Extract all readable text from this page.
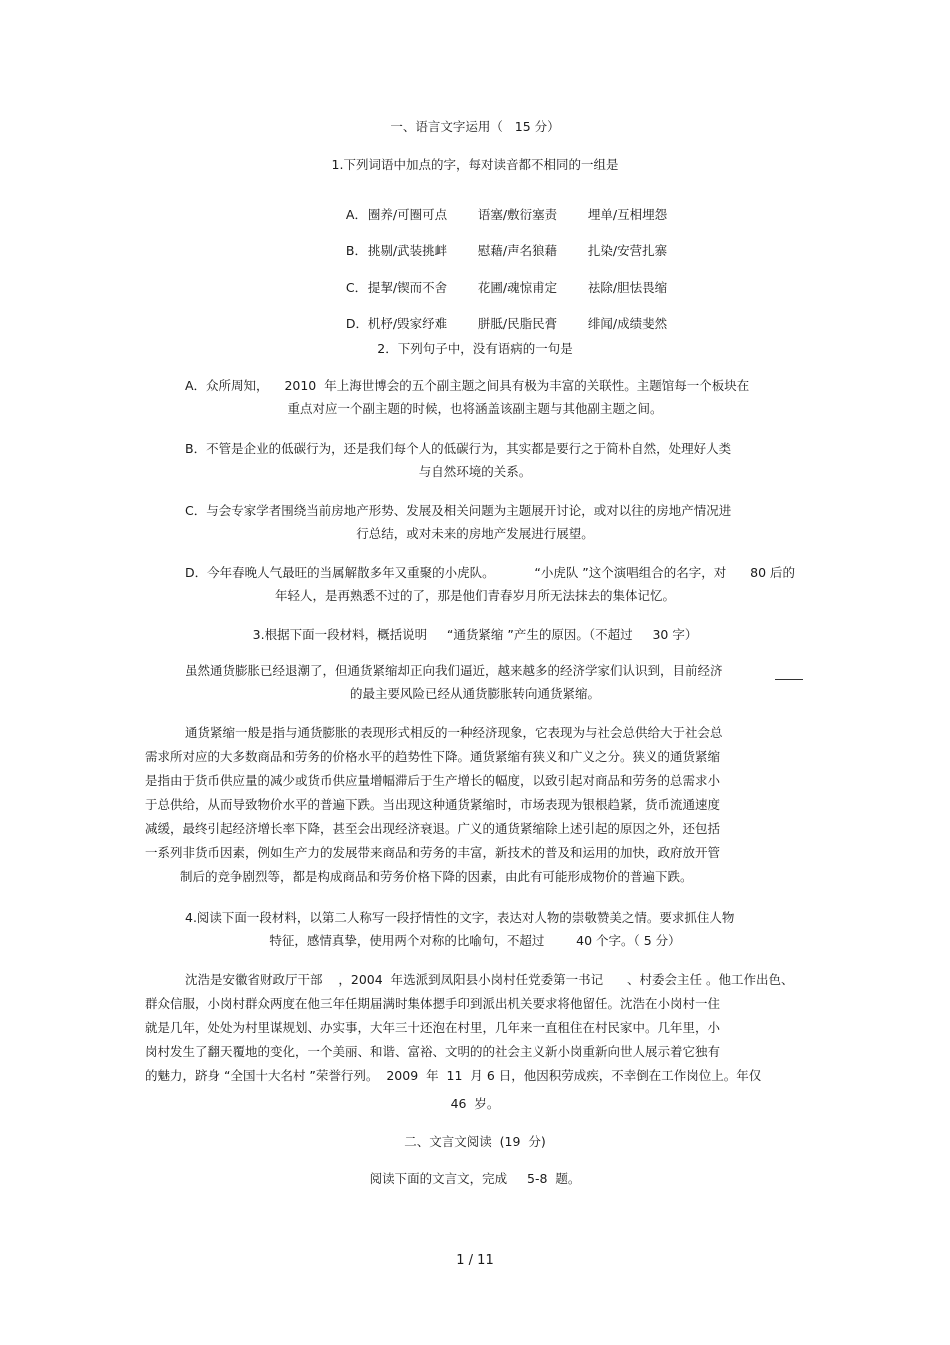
一、语言文字运用（   15 分）
1.下列词语中加点的字，每对读音都不相同的一组是

A．圈养/可圈可点 语塞/敷衍塞责 埋单/互相埋怨

B．挑剔/武装挑衅 慰藉/声名狼藉 扎染/安营扎寨

C．提挈/锲而不舍 花圃/魂惊甫定 祛除/胆怯畏缩

D．机杼/毁家纾难 胼胝/民脂民膏 绯闻/成绩斐然

2．下列句子中，没有语病的一句是
A．众所周知，    2010  年上海世博会的五个副主题之间具有极为丰富的关联性。主题馆每一个板块在
重点对应一个副主题的时候，也将涵盖该副主题与其他副主题之间。
B．不管是企业的低碳行为，还是我们每个人的低碳行为，其实都是要行之于简朴自然，处理好人类
与自然环境的关系。
C．与会专家学者围绕当前房地产形势、发展及相关问题为主题展开讨论，或对以往的房地产情况进
行总结，或对未来的房地产发展进行展望。
D．今年春晚人气最旺的当属解散多年又重聚的小虎队。          “小虎队 ”这个演唱组合的名字，对      80 后的
年轻人，是再熟悉不过的了，那是他们青春岁月所无法抹去的集体记忆。
3.根据下面一段材料，概括说明     “通货紧缩 ”产生的原因。（不超过     30 字）
虽然通货膨胀已经退潮了，但通货紧缩却正向我们逼近，越来越多的经济学家们认识到，目前经济
的最主要风险已经从通货膨胀转向通货紧缩。
通货紧缩一般是指与通货膨胀的表现形式相反的一种经济现象，它表现为与社会总供给大于社会总
需求所对应的大多数商品和劳务的价格水平的趋势性下降。通货紧缩有狭义和广义之分。狭义的通货紧缩
是指由于货币供应量的减少或货币供应量增幅滞后于生产增长的幅度，以致引起对商品和劳务的总需求小
于总供给，从而导致物价水平的普遍下跌。当出现这种通货紧缩时，市场表现为银根趋紧，货币流通速度
减缓，最终引起经济增长率下降，甚至会出现经济衰退。广义的通货紧缩除上述引起的原因之外，还包括
一系列非货币因素，例如生产力的发展带来商品和劳务的丰富，新技术的普及和运用的加快，政府放开管
制后的竞争剧烈等，都是构成商品和劳务价格下降的因素，由此有可能形成物价的普遍下跌。
4.阅读下面一段材料，以第二人称写一段抒情性的文字，表达对人物的崇敬赞美之情。要求抓住人物
特征，感情真挚，使用两个对称的比喻句，不超过        40 个字。（ 5 分）
沈浩是安徽省财政厅干部    ，2004  年选派到凤阳县小岗村任党委第一书记      、村委会主任 。他工作出色、
群众信服，小岗村群众两度在他三年任期届满时集体摁手印到派出机关要求将他留任。沈浩在小岗村一住
就是几年，处处为村里谋规划、办实事，大年三十还泡在村里，几年来一直租住在村民家中。几年里，小
岗村发生了翻天覆地的变化，一个美丽、和谐、富裕、文明的的社会主义新小岗重新向世人展示着它独有
的魅力，跻身 “全国十大名村 ”荣誉行列。  2009  年  11  月 6 日，他因积劳成疾，不幸倒在工作岗位上。年仅
46  岁。
二、文言文阅读  (19  分)
阅读下面的文言文，完成     5-8  题。
1 / 11
